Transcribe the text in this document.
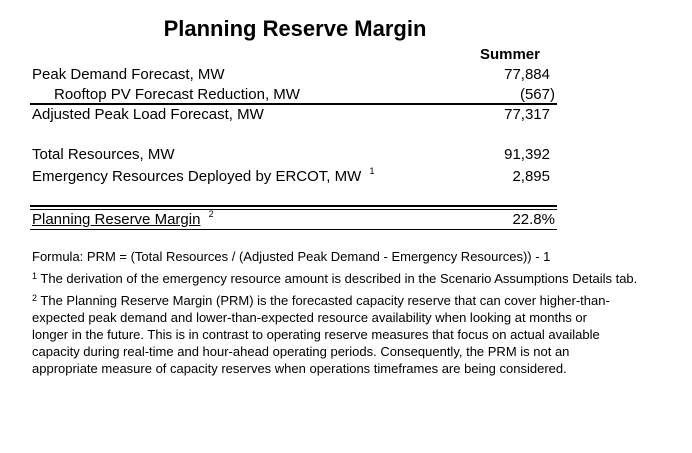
Planning Reserve Margin
Summer
Peak Demand Forecast, MW	77,884
Rooftop PV Forecast Reduction, MW	(567)
Adjusted Peak Load Forecast, MW	77,317
Total Resources, MW	91,392
Emergency Resources Deployed by ERCOT, MW $^1$	2,895
Planning Reserve Margin $^2$	22.8%
Formula: PRM = (Total Resources / (Adjusted Peak Demand - Emergency Resources)) - 1
$^1$ The derivation of the emergency resource amount is described in the Scenario Assumptions Details tab.
$^2$ The Planning Reserve Margin (PRM) is the forecasted capacity reserve that can cover higher-than-expected peak demand and lower-than-expected resource availability when looking at months or longer in the future. This is in contrast to operating reserve measures that focus on actual available capacity during real-time and hour-ahead operating periods. Consequently, the PRM is not an appropriate measure of capacity reserves when operations timeframes are being considered.
